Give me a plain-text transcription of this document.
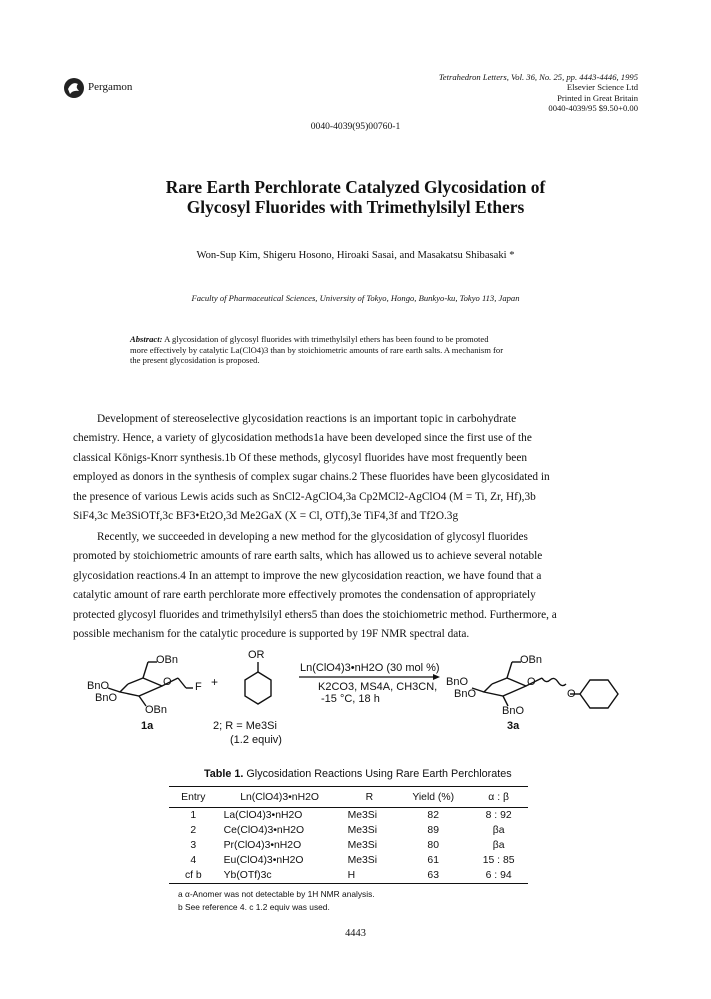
Pergamon
Tetrahedron Letters, Vol. 36, No. 25, pp. 4443-4446, 1995
Elsevier Science Ltd
Printed in Great Britain
0040-4039/95 $9.50+0.00
0040-4039(95)00760-1
Rare Earth Perchlorate Catalyzed Glycosidation of
Glycosyl Fluorides with Trimethylsilyl Ethers
Won-Sup Kim, Shigeru Hosono, Hiroaki Sasai, and Masakatsu Shibasaki *
Faculty of Pharmaceutical Sciences, University of Tokyo, Hongo, Bunkyo-ku, Tokyo 113, Japan
Abstract: A glycosidation of glycosyl fluorides with trimethylsilyl ethers has been found to be promoted
more effectively by catalytic La(ClO4)3 than by stoichiometric amounts of rare earth salts. A mechanism for
the present glycosidation is proposed.
Development of stereoselective glycosidation reactions is an important topic in carbohydrate
chemistry. Hence, a variety of glycosidation methods1a have been developed since the first use of the
classical Königs-Knorr synthesis.1b Of these methods, glycosyl fluorides have most frequently been
employed as donors in the synthesis of complex sugar chains.2 These fluorides have been glycosidated in
the presence of various Lewis acids such as SnCl2-AgClO4,3a Cp2MCl2-AgClO4 (M = Ti, Zr, Hf),3b
SiF4,3c Me3SiOTf,3c BF3•Et2O,3d Me2GaX (X = Cl, OTf),3e TiF4,3f and Tf2O.3g
Recently, we succeeded in developing a new method for the glycosidation of glycosyl fluorides
promoted by stoichiometric amounts of rare earth salts, which has allowed us to achieve several notable
glycosidation reactions.4 In an attempt to improve the new glycosidation reaction, we have found that a
catalytic amount of rare earth perchlorate more effectively promotes the condensation of appropriately
protected glycosyl fluorides and trimethylsilyl ethers5 than does the stoichiometric method. Furthermore, a
possible mechanism for the catalytic procedure is supported by 19F NMR spectral data.
OBn
O
BnO
BnO
F +
OBn
1a
OR
2; R = Me3Si
(1.2 equiv)
Ln(ClO4)3•nH2O (30 mol %)
K2CO3, MS4A, CH3CN,
-15 °C, 18 h
OBn
O
BnO
BnO
BnO
O
3a
Table 1. Glycosidation Reactions Using Rare Earth Perchlorates
Entry	Ln(ClO4)3•nH2O	R	Yield (%)	α : β
1	La(ClO4)3•nH2O	Me3Si	82	8 : 92
2	Ce(ClO4)3•nH2O	Me3Si	89	βa
3	Pr(ClO4)3•nH2O	Me3Si	80	βa
4	Eu(ClO4)3•nH2O	Me3Si	61	15 : 85
cf b	Yb(OTf)3c	H	63	6 : 94
a α-Anomer was not detectable by 1H NMR analysis.
b See reference 4. c 1.2 equiv was used.
4443
